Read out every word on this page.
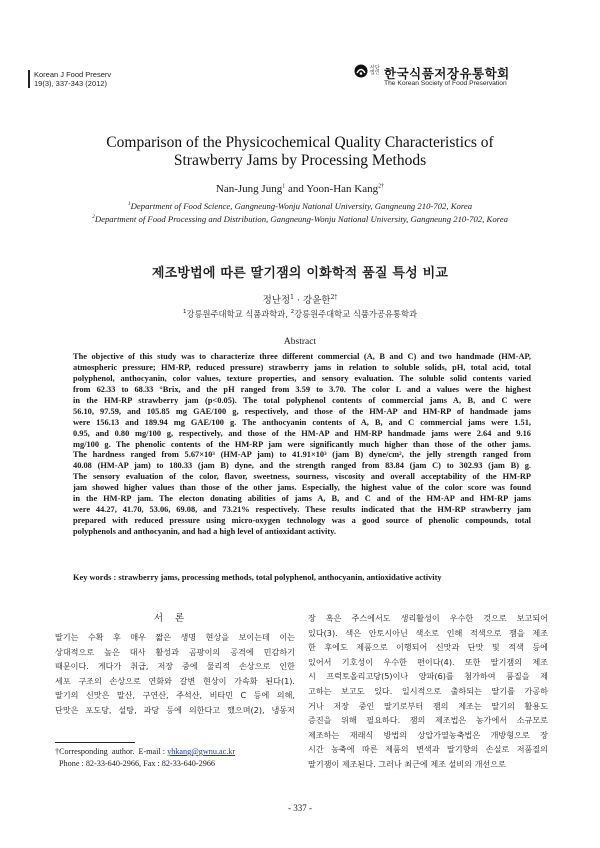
Korean J Food Preserv
19(3), 337-343 (2012)
사단법인 한국식품저장유통학회
The Korean Society of Food Preservation
Comparison of the Physicochemical Quality Characteristics of
Strawberry Jams by Processing Methods
Nan-Jung Jung$^1$ and Yoon-Han Kang$^{2\dagger}$
$^1$Department of Food Science, Gangneung-Wonju National University, Gangneung 210-702, Korea
$^2$Department of Food Processing and Distribution, Gangneung-Wonju National University, Gangneung 210-702, Korea
제조방법에 따른 딸기잼의 이화학적 품질 특성 비교
정난정$^1$ · 강윤한$^{2\dagger}$
$^1$강릉원주대학교 식품과학과, $^2$강릉원주대학교 식품가공유통학과
Abstract
The objective of this study was to characterize three different commercial (A, B and C) and two handmade (HM-AP,
atmospheric pressure; HM-RP, reduced pressure) strawberry jams in relation to soluble solids, pH, total acid, total
polyphenol, anthocyanin, color values, texture properties, and sensory evaluation. The soluble solid contents varied
from 62.33 to 68.33 °Brix, and the pH ranged from 3.59 to 3.70. The color L and a values were the highest
in the HM-RP strawberry jam (p<0.05). The total polyphenol contents of commercial jams A, B, and C were
56.10, 97.59, and 105.85 mg GAE/100 g, respectively, and those of the HM-AP and HM-RP of handmade jams
were 156.13 and 189.94 mg GAE/100 g. The anthocyanin contents of A, B, and C commercial jams were 1.51,
0.95, and 0.80 mg/100 g, respectively, and those of the HM-AP and HM-RP handmade jams were 2.64 and 9.16
mg/100 g. The phenolic contents of the HM-RP jam were significantly much higher than those of the other jams.
The hardness ranged from 5.67×10³ (HM-AP jam) to 41.91×10³ (jam B) dyne/cm², the jelly strength ranged from
40.08 (HM-AP jam) to 180.33 (jam B) dyne, and the strength ranged from 83.84 (jam C) to 302.93 (jam B) g.
The sensory evaluation of the color, flavor, sweetness, sourness, viscosity and overall acceptability of the HM-RP
jam showed higher values than those of the other jams. Especially, the highest value of the color score was found
in the HM-RP jam. The electon donating abilities of jams A, B, and C and of the HM-AP and HM-RP jams
were 44.27, 41.70, 53.06, 69.08, and 73.21% respectively. These results indicated that the HM-RP strawberry jam
prepared with reduced pressure using micro-oxygen technology was a good source of phenolic compounds, total
polyphenols and anthocyanin, and had a high level of antioxidant activity.
Key words : strawberry jams, processing methods, total polyphenol, anthocyanin, antioxidative activity
서론
딸기는 수확 후 매우 짧은 생명 현상을 보이는데 이는
상대적으로 높은 대사 활성과 곰팡이의 공격에 민감하기
때문이다. 게다가 취급, 저장 중에 물리적 손상으로 인한
세포 구조의 손상으로 연화와 갈변 현상이 가속화 된다(1).
딸기의 신맛은 말산, 구연산, 주석산, 비타민 C 등에 의해,
단맛은 포도당, 설탕, 과당 등에 의한다고 했으며(2), 냉동저
장 혹은 주스에서도 생리활성이 우수한 것으로 보고되어
있다(3). 색은 안토시아닌 색소로 인해 적색으로 잼을 제조
한 후에도 제품으로 이행되어 신맛과 단맛 및 적색 등에
있어서 기호성이 우수한 편이다(4). 또한 딸기잼의 제조
시 프럭토올리고당(5)이나 양파(6)를 첨가하여 품질을 제
고하는 보고도 있다. 일시적으로 출하되는 딸기를 가공하
거나 저장 중인 딸기로부터 잼의 제조는 딸기의 활용도
증진을 위해 필요하다. 잼의 제조법은 농가에서 소규모로
제조하는 재래식 방법의 상압가열농축법은 개방형으로 장
시간 농축에 따른 제품의 변색과 딸기향의 손실로 저품질의
딸기잼이 제조된다. 그러나 최근에 제조 설비의 개선으로
†Corresponding  author.  E-mail : yhkang@gwnu.ac.kr
Phone : 82-33-640-2966, Fax : 82-33-640-2966
- 337 -
